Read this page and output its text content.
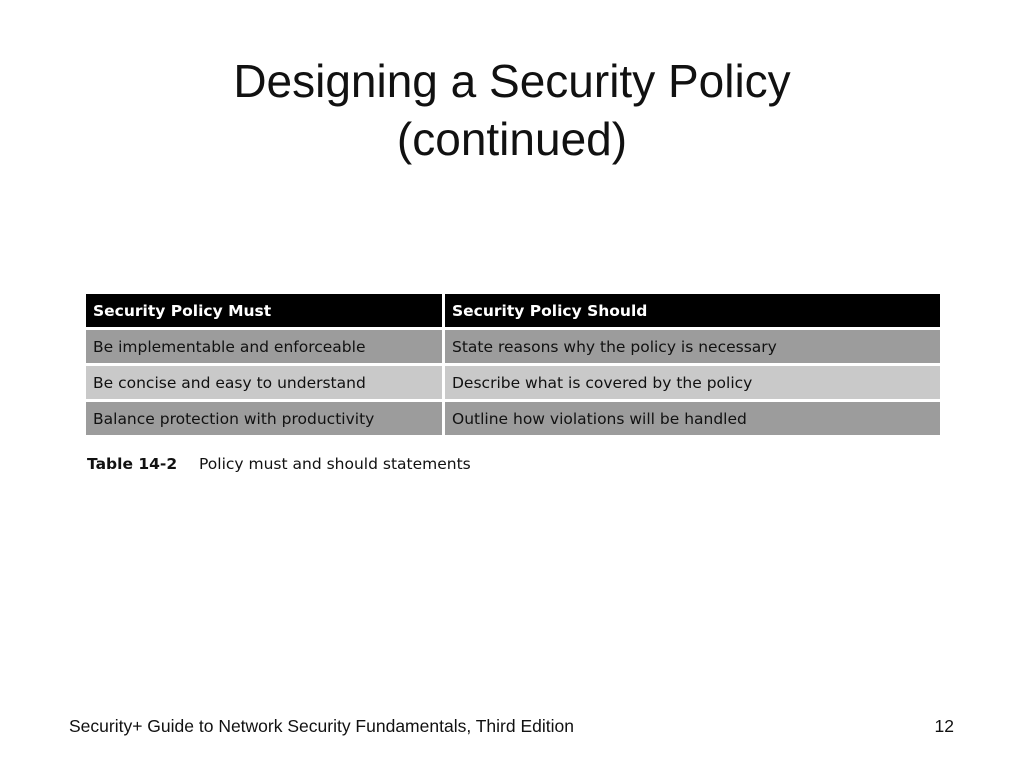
Designing a Security Policy
(continued)
Security Policy Must	Security Policy Should
Be implementable and enforceable	State reasons why the policy is necessary
Be concise and easy to understand	Describe what is covered by the policy
Balance protection with productivity	Outline how violations will be handled
Table 14-2 Policy must and should statements
Security+ Guide to Network Security Fundamentals, Third Edition	12
